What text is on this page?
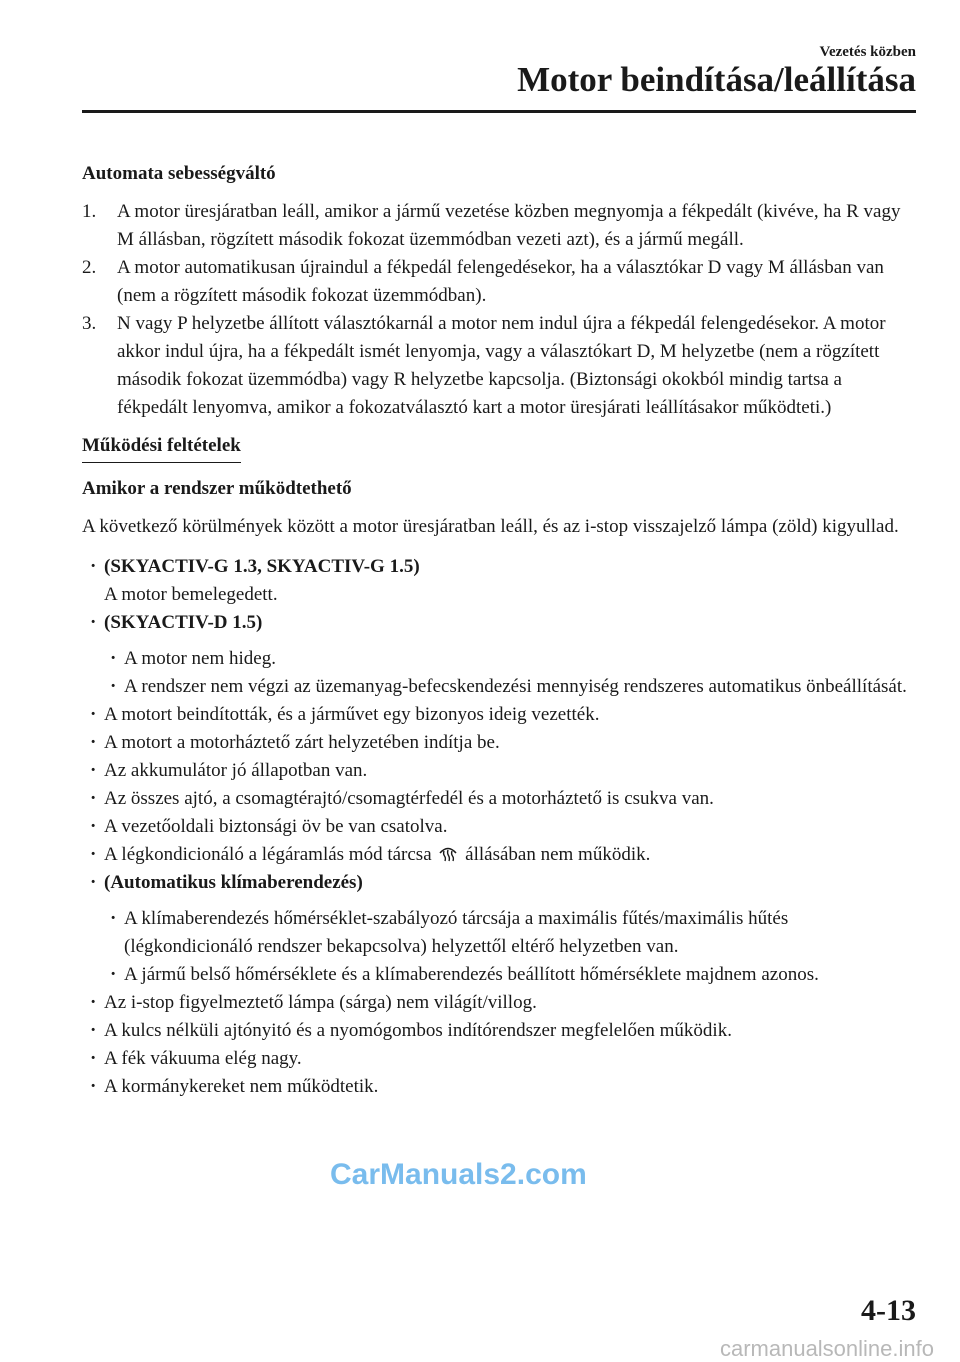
Vezetés közben
Motor beindítása/leállítása
Automata sebességváltó
1. A motor üresjáratban leáll, amikor a jármű vezetése közben megnyomja a fékpedált (kivéve, ha R vagy M állásban, rögzített második fokozat üzemmódban vezeti azt), és a jármű megáll.
2. A motor automatikusan újraindul a fékpedál felengedésekor, ha a választókar D vagy M állásban van (nem a rögzített második fokozat üzemmódban).
3. N vagy P helyzetbe állított választókarnál a motor nem indul újra a fékpedál felengedésekor. A motor akkor indul újra, ha a fékpedált ismét lenyomja, vagy a választókart D, M helyzetbe (nem a rögzített második fokozat üzemmódba) vagy R helyzetbe kapcsolja. (Biztonsági okokból mindig tartsa a fékpedált lenyomva, amikor a fokozatválasztó kart a motor üresjárati leállításakor működteti.)
Működési feltételek
Amikor a rendszer működtethető
A következő körülmények között a motor üresjáratban leáll, és az i-stop visszajelző lámpa (zöld) kigyullad.
· (SKYACTIV-G 1.3, SKYACTIV-G 1.5)
A motor bemelegedett.
· (SKYACTIV-D 1.5)
· A motor nem hideg.
· A rendszer nem végzi az üzemanyag-befecskendezési mennyiség rendszeres automatikus önbeállítását.
· A motort beindították, és a járművet egy bizonyos ideig vezették.
· A motort a motorháztető zárt helyzetében indítja be.
· Az akkumulátor jó állapotban van.
· Az összes ajtó, a csomagtérajtó/csomagtérfedél és a motorháztető is csukva van.
· A vezetőoldali biztonsági öv be van csatolva.
· A légkondicionáló a légáramlás mód tárcsa állásában nem működik.
· (Automatikus klímaberendezés)
· A klímaberendezés hőmérséklet-szabályozó tárcsája a maximális fűtés/maximális hűtés (légkondicionáló rendszer bekapcsolva) helyzettől eltérő helyzetben van.
· A jármű belső hőmérséklete és a klímaberendezés beállított hőmérséklete majdnem azonos.
· Az i-stop figyelmeztető lámpa (sárga) nem világít/villog.
· A kulcs nélküli ajtónyitó és a nyomógombos indítórendszer megfelelően működik.
· A fék vákuuma elég nagy.
· A kormánykereket nem működtetik.
CarManuals2.com
4-13
carmanualsonline.info
